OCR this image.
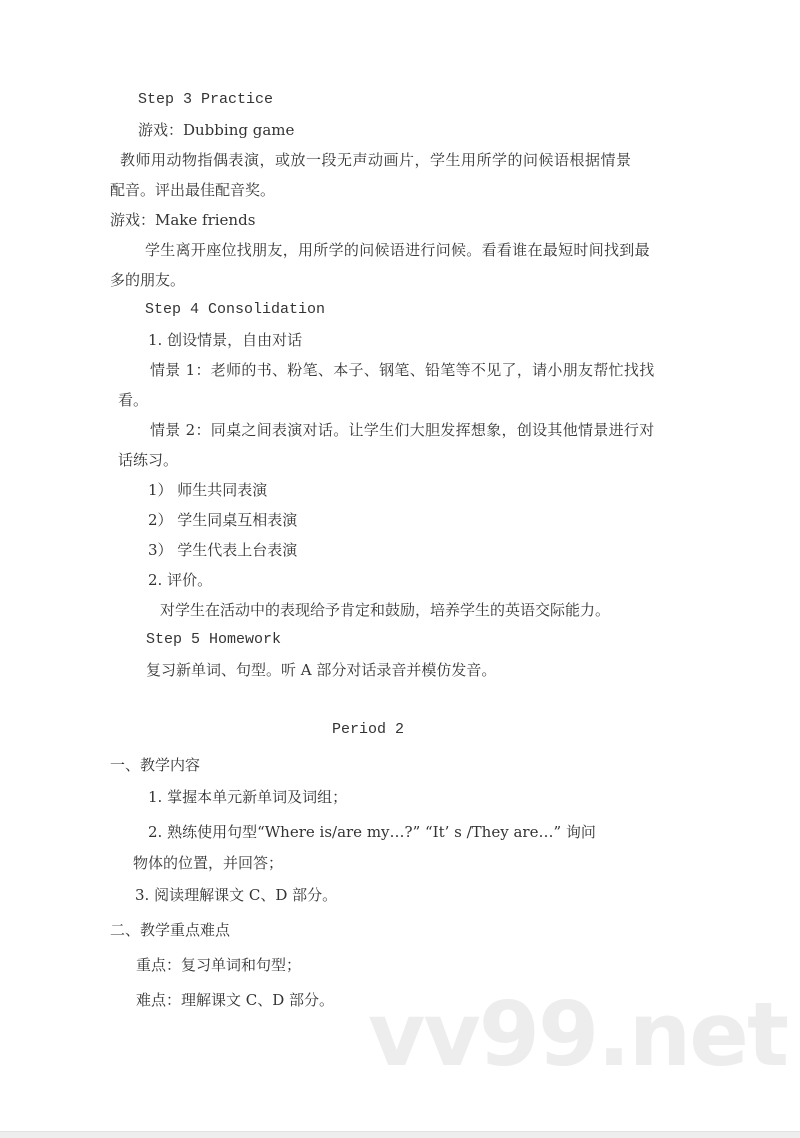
Step 3 Practice
游戏：Dubbing game
教师用动物指偶表演，或放一段无声动画片，学生用所学的问候语根据情景
配音。评出最佳配音奖。
游戏：Make friends
学生离开座位找朋友，用所学的问候语进行问候。看看谁在最短时间找到最
多的朋友。
Step 4 Consolidation
1. 创设情景，自由对话
情景 1：老师的书、粉笔、本子、钢笔、铅笔等不见了，请小朋友帮忙找找
看。
情景 2：同桌之间表演对话。让学生们大胆发挥想象，创设其他情景进行对
话练习。
1） 师生共同表演
2） 学生同桌互相表演
3） 学生代表上台表演
2. 评价。
对学生在活动中的表现给予肯定和鼓励，培养学生的英语交际能力。
Step 5 Homework
复习新单词、句型。听 A 部分对话录音并模仿发音。
Period 2
一、教学内容
1. 掌握本单元新单词及词组；
2. 熟练使用句型“Where is/are my…?” “It’ s /They are…” 询问
物体的位置，并回答；
3. 阅读理解课文 C、D 部分。
二、教学重点难点
重点：复习单词和句型；
难点：理解课文 C、D 部分。 vv99.net
